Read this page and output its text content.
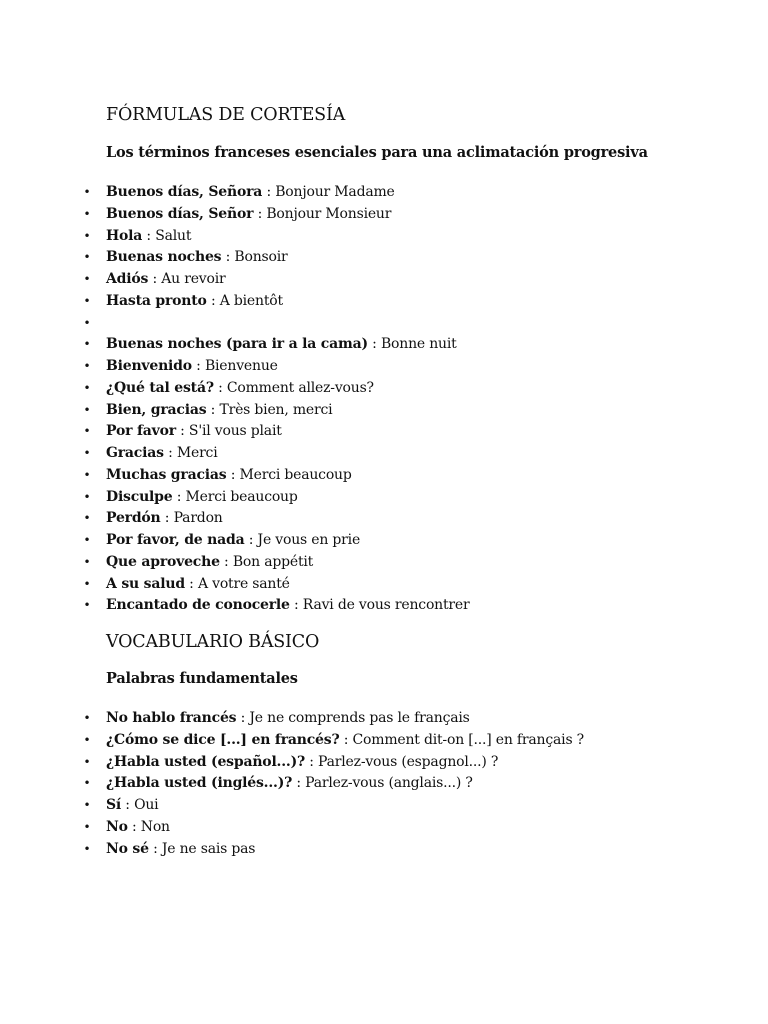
FÓRMULAS DE CORTESÍA
Los términos franceses esenciales para una aclimatación progresiva
• Buenos días, Señora : Bonjour Madame
• Buenos días, Señor : Bonjour Monsieur
• Hola : Salut
• Buenas noches : Bonsoir
• Adiós : Au revoir
• Hasta pronto : A bientôt
•
• Buenas noches (para ir a la cama) : Bonne nuit
• Bienvenido : Bienvenue
• ¿Qué tal está? : Comment allez-vous?
• Bien, gracias : Très bien, merci
• Por favor : S'il vous plait
• Gracias : Merci
• Muchas gracias : Merci beaucoup
• Disculpe : Merci beaucoup
• Perdón : Pardon
• Por favor, de nada : Je vous en prie
• Que aproveche : Bon appétit
• A su salud : A votre santé
• Encantado de conocerle : Ravi de vous rencontrer
VOCABULARIO BÁSICO
Palabras fundamentales
• No hablo francés : Je ne comprends pas le français
• ¿Cómo se dice [...] en francés? : Comment dit-on [...] en français ?
• ¿Habla usted (español...)? : Parlez-vous (espagnol...) ?
• ¿Habla usted (inglés...)? : Parlez-vous (anglais...) ?
• Sí : Oui
• No : Non
• No sé : Je ne sais pas
